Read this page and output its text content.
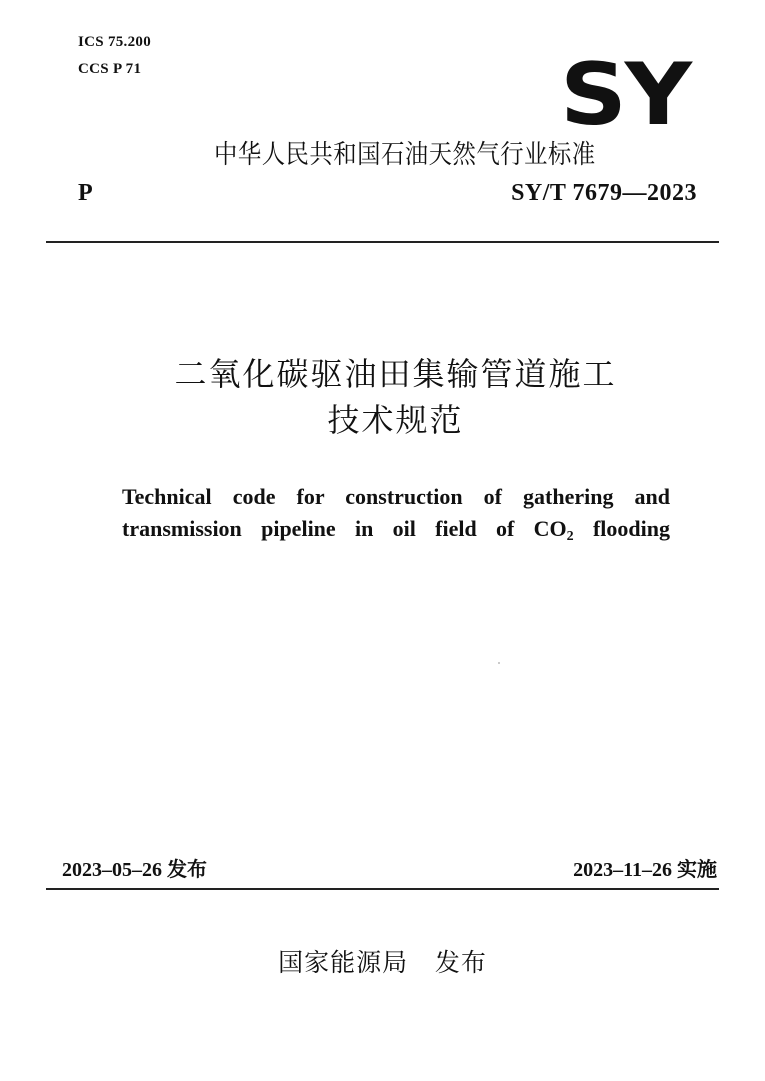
ICS 75.200
CCS P 71	SY
中华人民共和国石油天然气行业标准
P	SY/T 7679—2023
二氧化碳驱油田集输管道施工
技术规范
Technical code for construction of gathering and
transmission pipeline in oil field of $CO_2$ flooding
2023–05–26 发布	2023–11–26 实施
国家能源局 发布
